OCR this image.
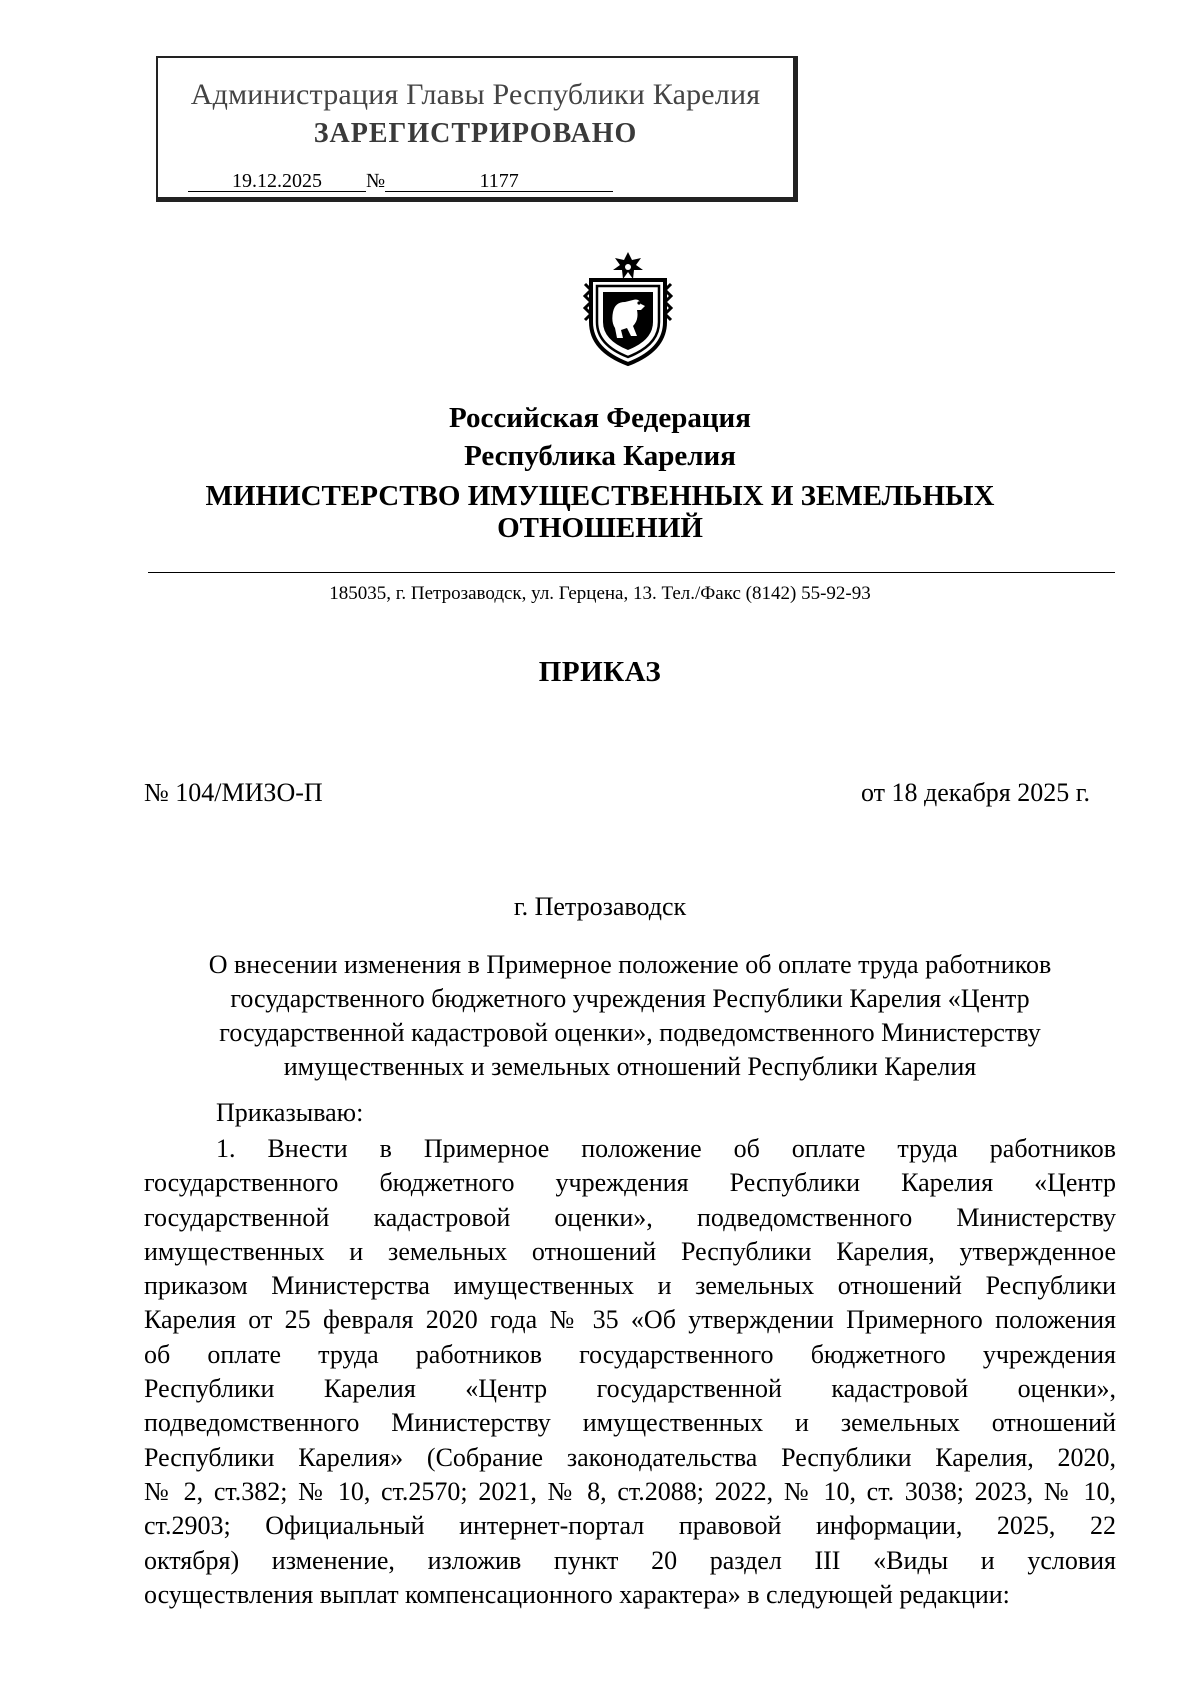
Администрация Главы Республики Карелия
ЗАРЕГИСТРИРОВАНО
19.12.2025 №	1177
Российская Федерация
Республика Карелия
МИНИСТЕРСТВО ИМУЩЕСТВЕННЫХ И ЗЕМЕЛЬНЫХ
ОТНОШЕНИЙ
185035, г. Петрозаводск, ул. Герцена, 13. Тел./Факс (8142) 55-92-93
ПРИКАЗ
№ 104/МИЗО-П	от 18 декабря 2025 г.
г. Петрозаводск
О внесении изменения в Примерное положение об оплате труда работников
государственного бюджетного учреждения Республики Карелия «Центр
государственной кадастровой оценки», подведомственного Министерству
имущественных и земельных отношений Республики Карелия
Приказываю:
1. Внести в Примерное положение об оплате труда работников
государственного бюджетного учреждения Республики Карелия «Центр
государственной кадастровой оценки», подведомственного Министерству
имущественных и земельных отношений Республики Карелия, утвержденное
приказом Министерства имущественных и земельных отношений Республики
Карелия от 25 февраля 2020 года № 35 «Об утверждении Примерного положения
об оплате труда работников государственного бюджетного учреждения
Республики Карелия «Центр государственной кадастровой оценки»,
подведомственного Министерству имущественных и земельных отношений
Республики Карелия» (Собрание законодательства Республики Карелия, 2020,
№ 2, ст.382; № 10, ст.2570; 2021, № 8, ст.2088; 2022, № 10, ст. 3038; 2023, № 10,
ст.2903; Официальный интернет-портал правовой информации, 2025, 22
октября) изменение, изложив пункт 20 раздел III «Виды и условия
осуществления выплат компенсационного характера» в следующей редакции:
